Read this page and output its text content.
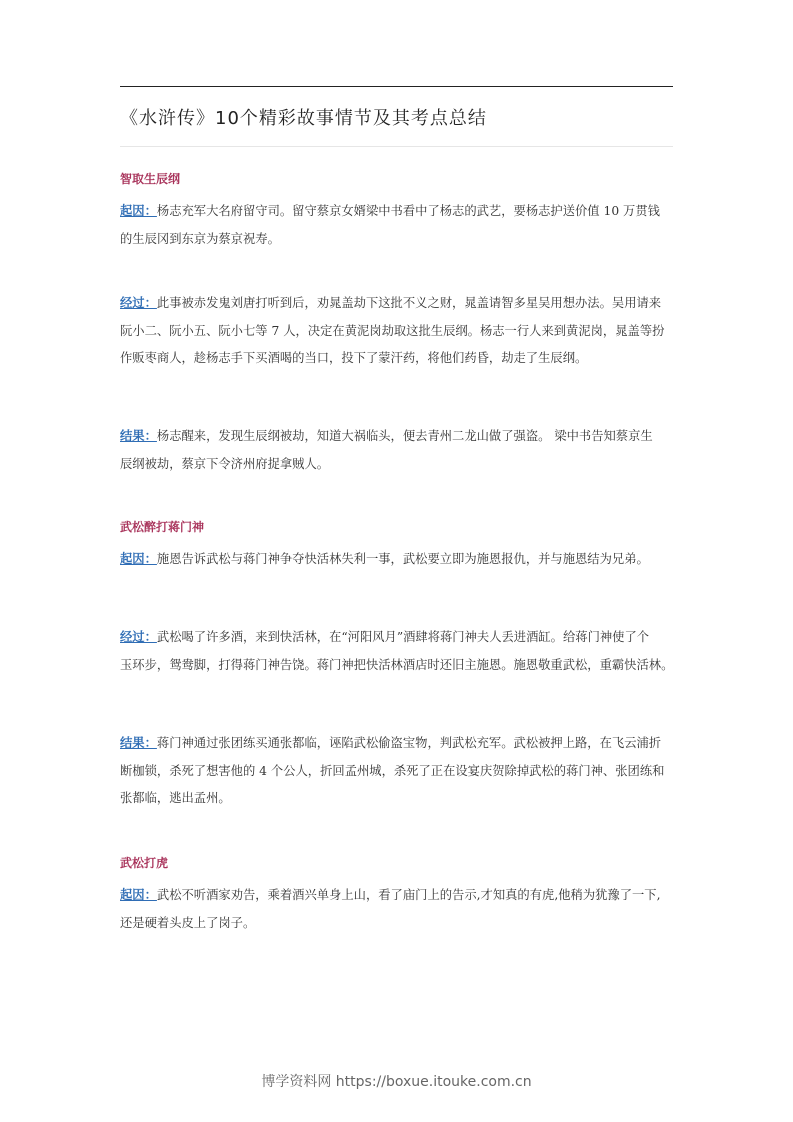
《水浒传》10个精彩故事情节及其考点总结
智取生辰纲
起因：杨志充军大名府留守司。留守蔡京女婿梁中书看中了杨志的武艺，要杨志护送价值 10 万贯钱
的生辰冈到东京为蔡京祝寿。
经过：此事被赤发鬼刘唐打听到后，劝晁盖劫下这批不义之财，晁盖请智多星吴用想办法。吴用请来
阮小二、阮小五、阮小七等 7 人，决定在黄泥岗劫取这批生辰纲。杨志一行人来到黄泥岗，晁盖等扮
作贩枣商人，趁杨志手下买酒喝的当口，投下了蒙汗药，将他们药昏，劫走了生辰纲。
结果：杨志醒来，发现生辰纲被劫，知道大祸临头，便去青州二龙山做了强盗。 梁中书告知蔡京生
辰纲被劫，蔡京下令济州府捉拿贼人。
武松醉打蒋门神
起因：施恩告诉武松与蒋门神争夺快活林失利一事，武松要立即为施恩报仇，并与施恩结为兄弟。
经过：武松喝了许多酒，来到快活林，在“河阳风月”酒肆将蒋门神夫人丢进酒缸。给蒋门神使了个
玉环步，鸳鸯脚，打得蒋门神告饶。蒋门神把快活林酒店时还旧主施恩。施恩敬重武松，重霸快活林。
结果：蒋门神通过张团练买通张都临，诬陷武松偷盗宝物，判武松充军。武松被押上路，在飞云浦折
断枷锁，杀死了想害他的 4 个公人，折回孟州城，杀死了正在设宴庆贺除掉武松的蒋门神、张团练和
张都临，逃出孟州。
武松打虎
起因：武松不听酒家劝告，乘着酒兴单身上山，看了庙门上的告示,才知真的有虎,他稍为犹豫了一下,
还是硬着头皮上了岗子。
博学资料网 https://boxue.itouke.com.cn
